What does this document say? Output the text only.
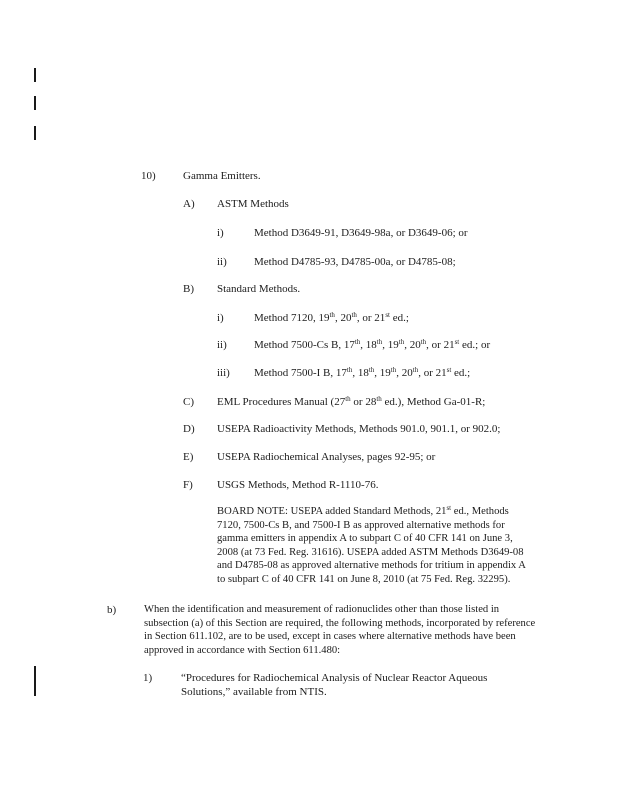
10) Gamma Emitters.
A) ASTM Methods
i)	Method D3649-91, D3649-98a, or D3649-06; or
ii) Method D4785-93, D4785-00a, or D4785-08;
B) Standard Methods.
i)	Method 7120, 19th, 20th, or 21st ed.;
ii) Method 7500-Cs B, 17th, 18th, 19th, 20th, or 21st ed.; or
iii) Method 7500-I B, 17th, 18th, 19th, 20th, or 21st ed.;
C) EML Procedures Manual (27th or 28th ed.), Method Ga-01-R;
D) USEPA Radioactivity Methods, Methods 901.0, 901.1, or 902.0;
E) USEPA Radiochemical Analyses, pages 92-95; or
F) USGS Methods, Method R-1110-76.
BOARD NOTE: USEPA added Standard Methods, 21st ed., Methods 7120, 7500-Cs B, and 7500-I B as approved alternative methods for gamma emitters in appendix A to subpart C of 40 CFR 141 on June 3, 2008 (at 73 Fed. Reg. 31616). USEPA added ASTM Methods D3649-08 and D4785-08 as approved alternative methods for tritium in appendix A to subpart C of 40 CFR 141 on June 8, 2010 (at 75 Fed. Reg. 32295).
b)	When the identification and measurement of radionuclides other than those listed in subsection (a) of this Section are required, the following methods, incorporated by reference in Section 611.102, are to be used, except in cases where alternative methods have been approved in accordance with Section 611.480:
1)	“Procedures for Radiochemical Analysis of Nuclear Reactor Aqueous
Solutions,” available from NTIS.
